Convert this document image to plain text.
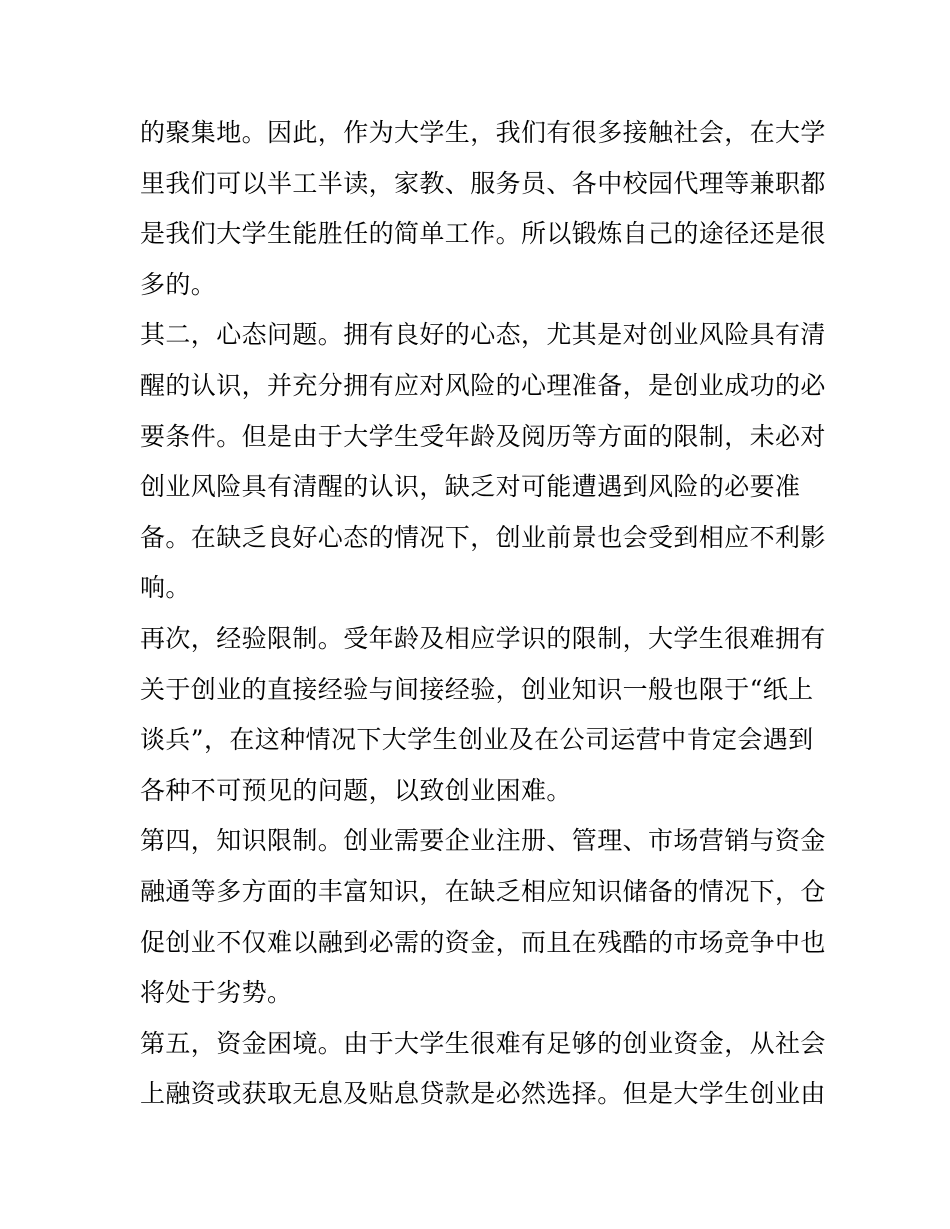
的聚集地。因此，作为大学生，我们有很多接触社会，在大学
里我们可以半工半读，家教、服务员、各中校园代理等兼职都
是我们大学生能胜任的简单工作。所以锻炼自己的途径还是很
多的。
其二，心态问题。拥有良好的心态，尤其是对创业风险具有清
醒的认识，并充分拥有应对风险的心理准备，是创业成功的必
要条件。但是由于大学生受年龄及阅历等方面的限制，未必对
创业风险具有清醒的认识，缺乏对可能遭遇到风险的必要准
备。在缺乏良好心态的情况下，创业前景也会受到相应不利影
响。
再次，经验限制。受年龄及相应学识的限制，大学生很难拥有
关于创业的直接经验与间接经验，创业知识一般也限于“纸上
谈兵”，在这种情况下大学生创业及在公司运营中肯定会遇到
各种不可预见的问题，以致创业困难。
第四，知识限制。创业需要企业注册、管理、市场营销与资金
融通等多方面的丰富知识，在缺乏相应知识储备的情况下，仓
促创业不仅难以融到必需的资金，而且在残酷的市场竞争中也
将处于劣势。
第五，资金困境。由于大学生很难有足够的创业资金，从社会
上融资或获取无息及贴息贷款是必然选择。但是大学生创业由
